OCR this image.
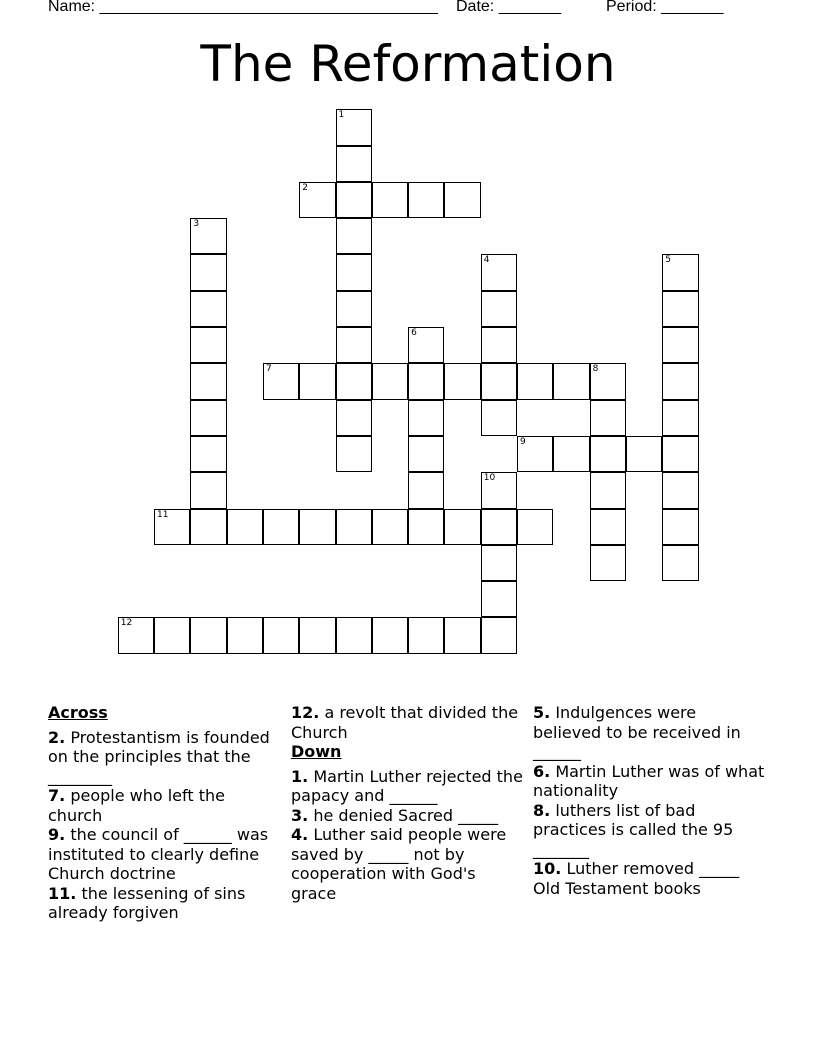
Name: ______________________________________ Date: _______	Period: _______
The Reformation
1
2
3
4	5
6
7	8
9
10
11
12

Across

2. Protestantism is founded on the principles that the ________

7. people who left the church

9. the council of ______ was instituted to clearly define Church doctrine

11. the lessening of sins already forgiven

12. a revolt that divided the Church

Down

1. Martin Luther rejected the papacy and ______

3. he denied Sacred _____

4. Luther said people were saved by _____ not by cooperation with God's grace

5. Indulgences were believed to be received in ______

6. Martin Luther was of what nationality

8. luthers list of bad practices is called the 95 _______

10. Luther removed _____ Old Testament books
